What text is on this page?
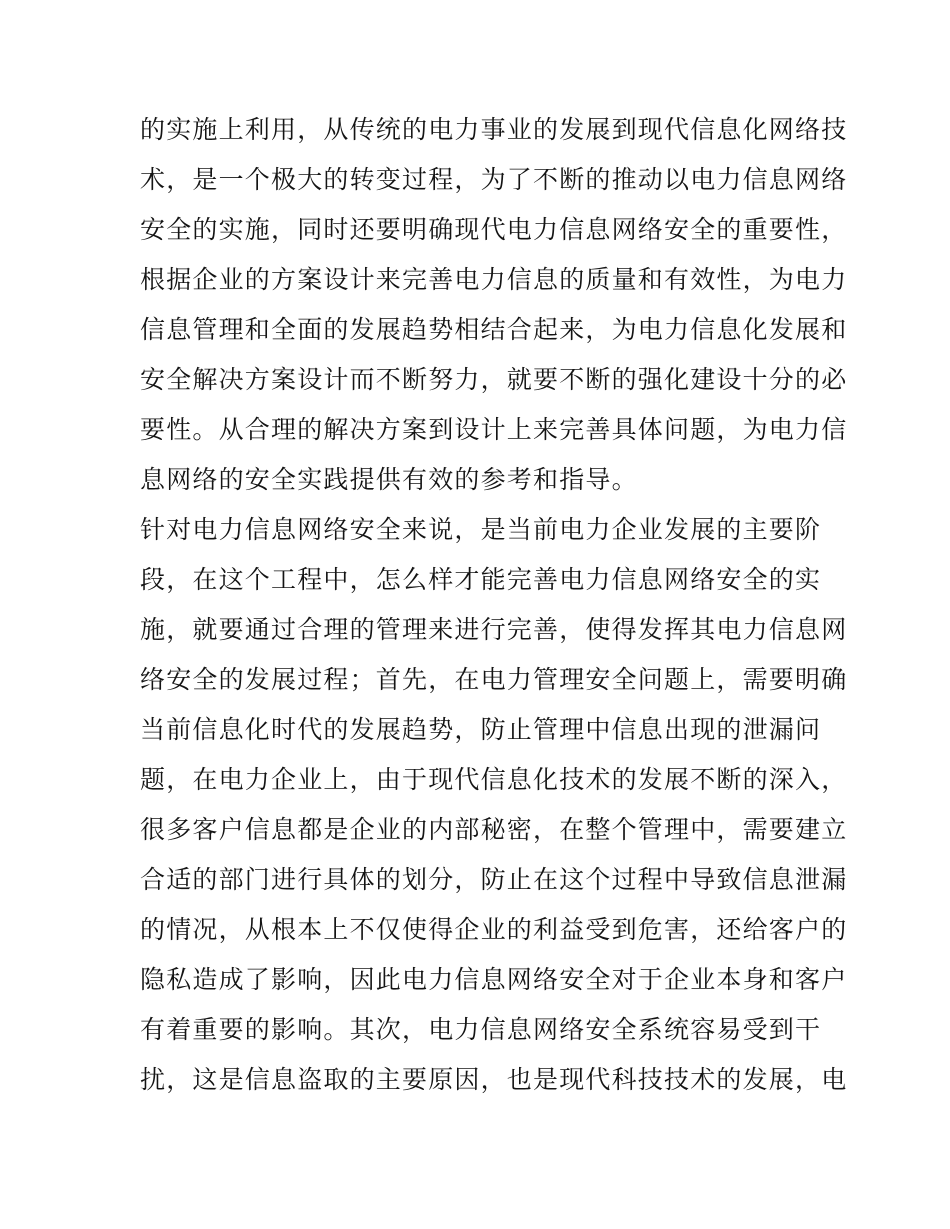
的实施上利用，从传统的电力事业的发展到现代信息化网络技
术，是一个极大的转变过程，为了不断的推动以电力信息网络
安全的实施，同时还要明确现代电力信息网络安全的重要性，
根据企业的方案设计来完善电力信息的质量和有效性，为电力
信息管理和全面的发展趋势相结合起来，为电力信息化发展和
安全解决方案设计而不断努力，就要不断的强化建设十分的必
要性。从合理的解决方案到设计上来完善具体问题，为电力信
息网络的安全实践提供有效的参考和指导。
针对电力信息网络安全来说，是当前电力企业发展的主要阶
段，在这个工程中，怎么样才能完善电力信息网络安全的实
施，就要通过合理的管理来进行完善，使得发挥其电力信息网
络安全的发展过程；首先，在电力管理安全问题上，需要明确
当前信息化时代的发展趋势，防止管理中信息出现的泄漏问
题，在电力企业上，由于现代信息化技术的发展不断的深入，
很多客户信息都是企业的内部秘密，在整个管理中，需要建立
合适的部门进行具体的划分，防止在这个过程中导致信息泄漏
的情况，从根本上不仅使得企业的利益受到危害，还给客户的
隐私造成了影响，因此电力信息网络安全对于企业本身和客户
有着重要的影响。其次，电力信息网络安全系统容易受到干
扰，这是信息盗取的主要原因，也是现代科技技术的发展，电
